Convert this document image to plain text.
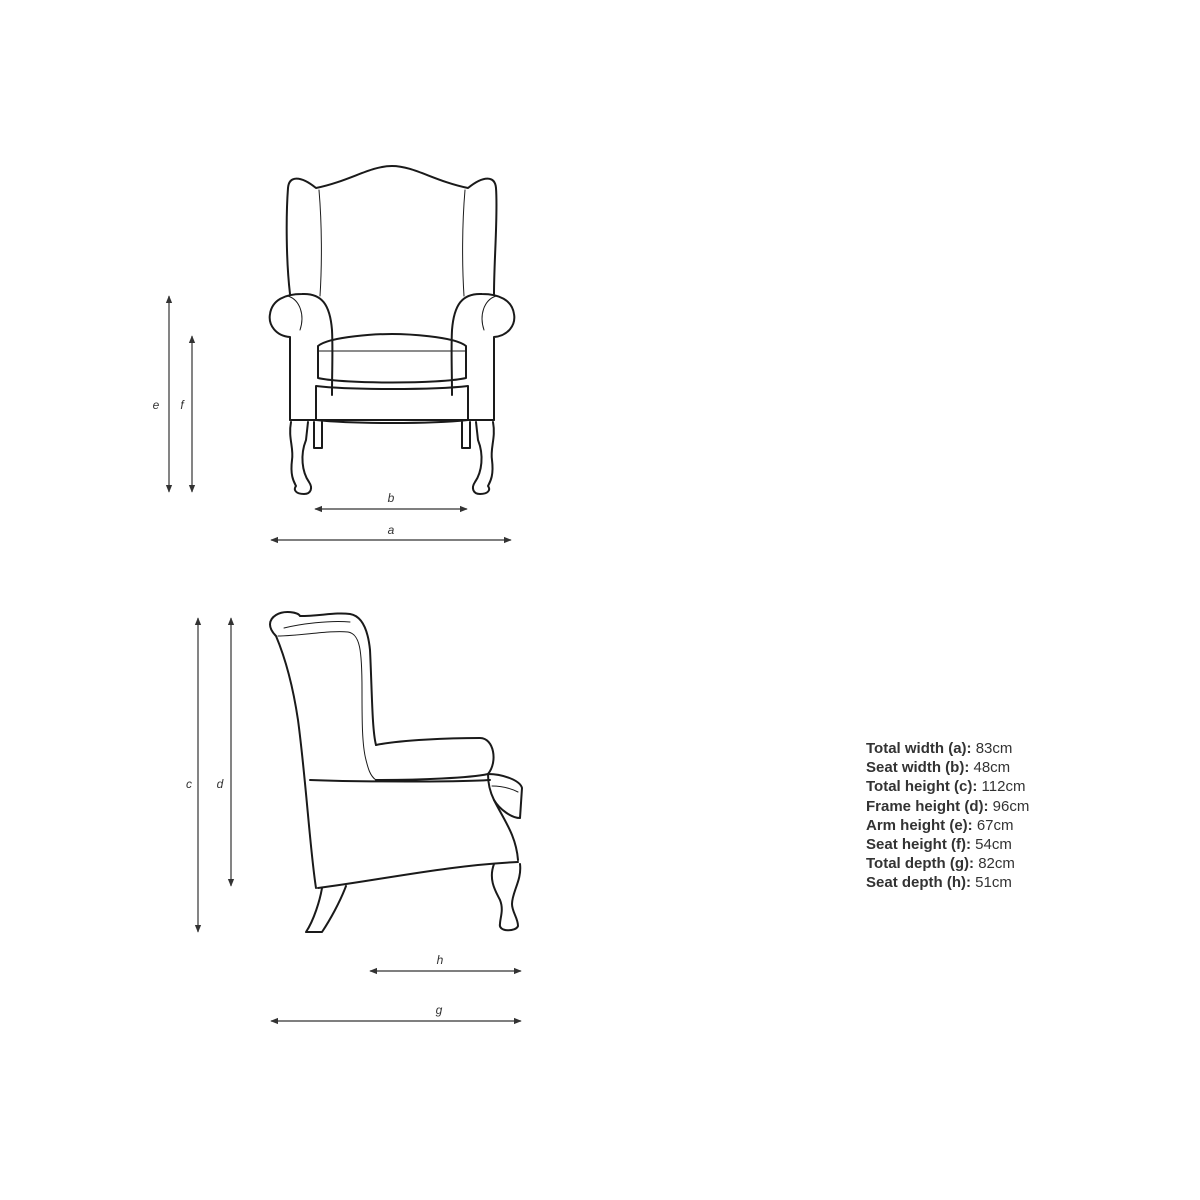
e f
b
a
c d
h
g
Total width (a): 83cm
Seat width (b): 48cm
Total height (c): 112cm
Frame height (d): 96cm
Arm height (e): 67cm
Seat height (f): 54cm
Total depth (g): 82cm
Seat depth (h): 51cm
